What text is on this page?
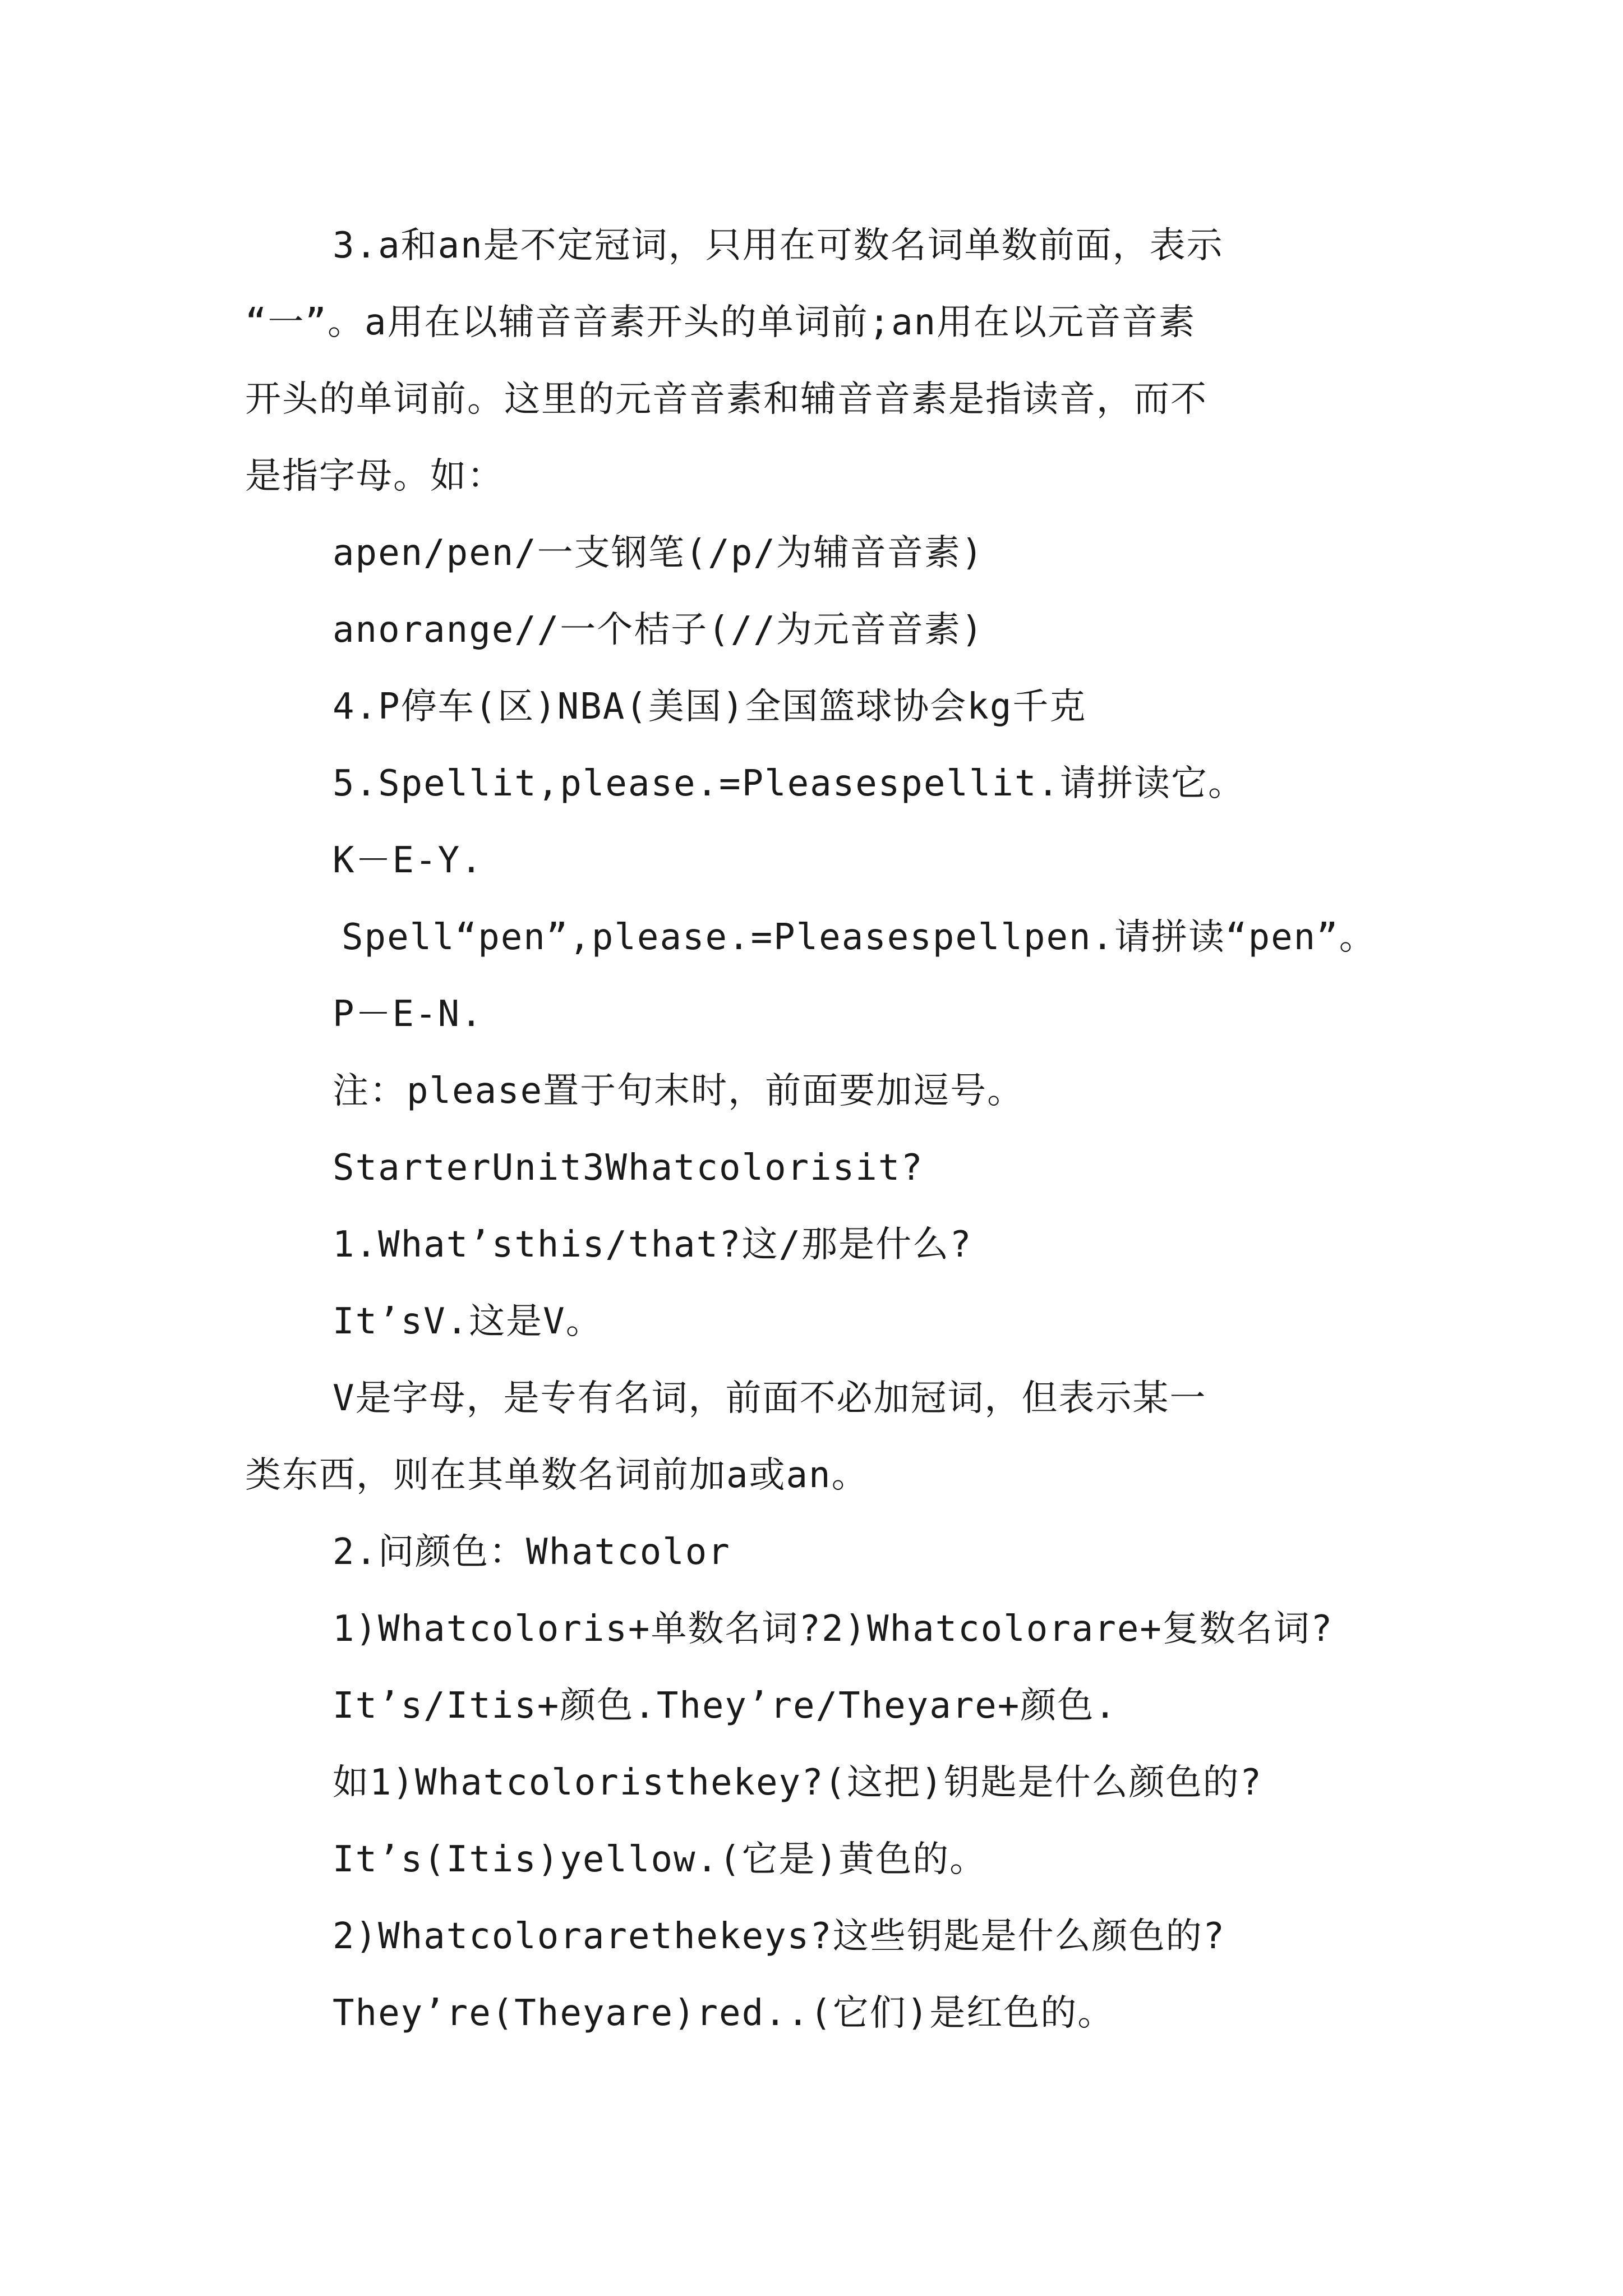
3.a和an是不定冠词，只用在可数名词单数前面，表示
“一”。a用在以辅音音素开头的单词前;an用在以元音音素
开头的单词前。这里的元音音素和辅音音素是指读音，而不
是指字母。如：
apen/pen/一支钢笔(/p/为辅音音素)
anorange//一个桔子(//为元音音素)
4.P停车(区)NBA(美国)全国篮球协会kg千克
5.Spellit,please.=Pleasespellit.请拼读它。
K－E-Y.
Spell“pen”,please.=Pleasespellpen.请拼读“pen”。
P－E-N.
注：please置于句末时，前面要加逗号。
StarterUnit3Whatcolorisit?
1.What’sthis/that?这/那是什么?
It’sV.这是V。
V是字母，是专有名词，前面不必加冠词，但表示某一
类东西，则在其单数名词前加a或an。
2.问颜色：Whatcolor
1)Whatcoloris+单数名词?2)Whatcolorare+复数名词?
It’s/Itis+颜色.They’re/Theyare+颜色.
如1)Whatcoloristhekey?(这把)钥匙是什么颜色的?
It’s(Itis)yellow.(它是)黄色的。
2)Whatcolorarethekeys?这些钥匙是什么颜色的?
They’re(Theyare)red..(它们)是红色的。
